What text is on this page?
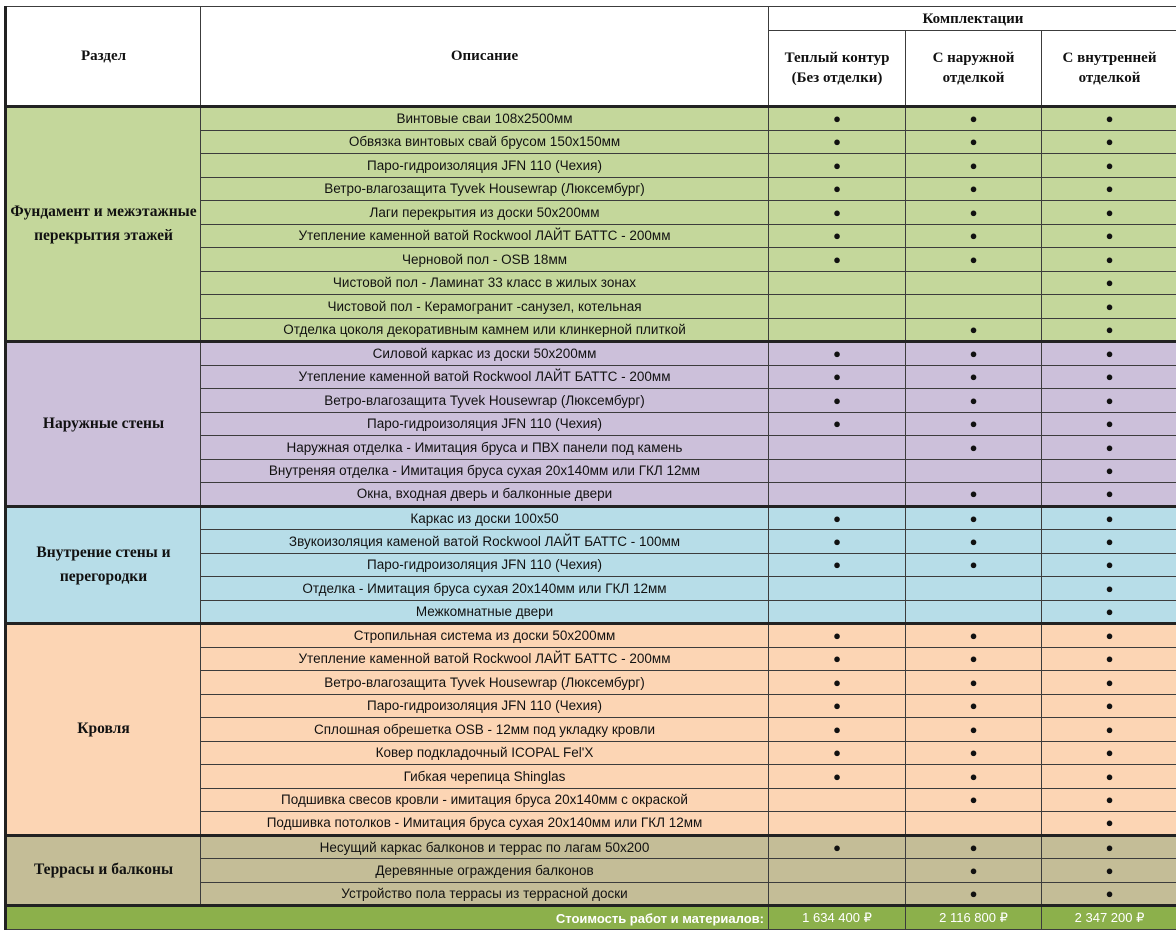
Раздел	Описание	Комплектации		
		Теплый контур (Без отделки)	С наружной отделкой	С внутренней отделкой
Фундамент и межэтажные перекрытия этажей	Винтовые сваи 108x2500мм	●	●	●
	Обвязка винтовых свай брусом 150x150мм	●	●	●
	Паро-гидроизоляция JFN 110 (Чехия)	●	●	●
	Ветро-влагозащита Tyvek Housewrap (Люксембург)	●	●	●
	Лаги перекрытия из доски 50x200мм	●	●	●
	Утепление каменной ватой Rockwool ЛАЙТ БАТТС - 200мм	●	●	●
	Черновой пол - OSB 18мм	●	●	●
	Чистовой пол - Ламинат 33 класс в жилых зонах			●
	Чистовой пол - Керамогранит -санузел, котельная			●
	Отделка цоколя декоративным камнем или клинкерной плиткой		●	●
Наружные стены	Силовой каркас из доски 50x200мм	●	●	●
	Утепление каменной ватой Rockwool ЛАЙТ БАТТС - 200мм	●	●	●
	Ветро-влагозащита Tyvek Housewrap (Люксембург)	●	●	●
	Паро-гидроизоляция JFN 110 (Чехия)	●	●	●
	Наружная отделка - Имитация бруса и ПВХ панели под камень		●	●
	Внутреняя отделка - Имитация бруса сухая 20x140мм или ГКЛ 12мм			●
	Окна, входная дверь и балконные двери		●	●
Внутрение стены и перегородки	Каркас из доски 100x50	●	●	●
	Звукоизоляция каменой ватой Rockwool ЛАЙТ БАТТС - 100мм	●	●	●
	Паро-гидроизоляция JFN 110 (Чехия)	●	●	●
	Отделка - Имитация бруса сухая 20x140мм или ГКЛ 12мм			●
	Межкомнатные двери			●
Кровля	Стропильная система из доски 50x200мм	●	●	●
	Утепление каменной ватой Rockwool ЛАЙТ БАТТС - 200мм	●	●	●
	Ветро-влагозащита Tyvek Housewrap (Люксембург)	●	●	●
	Паро-гидроизоляция JFN 110 (Чехия)	●	●	●
	Сплошная обрешетка OSB - 12мм под укладку кровли	●	●	●
	Ковер подкладочный ICOPAL Fel'X	●	●	●
	Гибкая черепица Shinglas	●	●	●
	Подшивка свесов кровли - имитация бруса 20x140мм с окраской		●	●
	Подшивка потолков - Имитация бруса сухая 20x140мм или ГКЛ 12мм			●
Террасы и балконы	Несущий каркас балконов и террас по лагам 50x200	●	●	●
	Деревянные ограждения балконов		●	●
	Устройство пола террасы из террасной доски		●	●
Стоимость работ и материалов:		1 634 400 ₽	2 116 800 ₽	2 347 200 ₽
